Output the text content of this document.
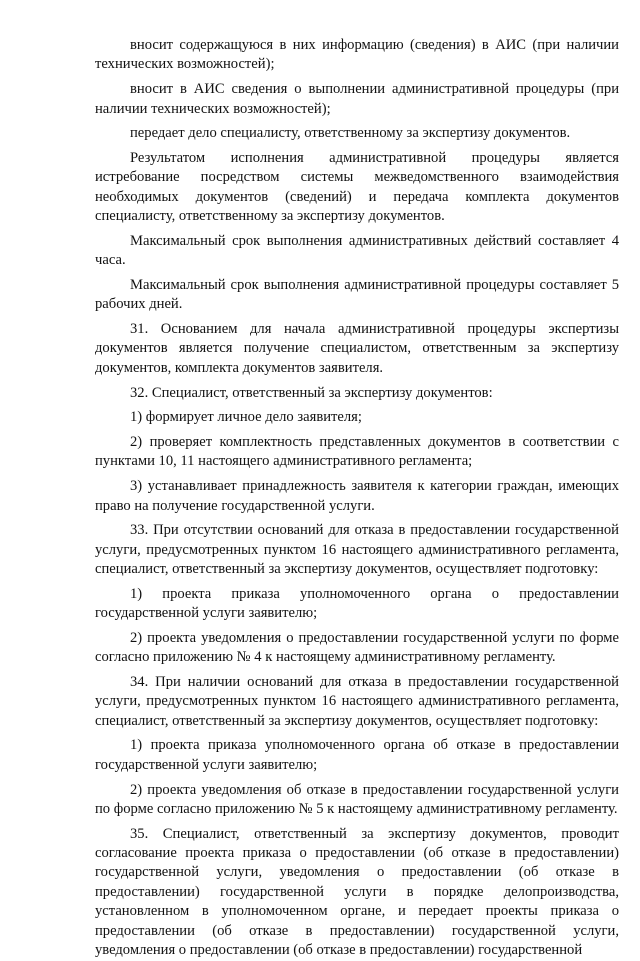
вносит содержащуюся в них информацию (сведения) в АИС (при наличии технических возможностей);

вносит в АИС сведения о выполнении административной процедуры (при наличии технических возможностей);

передает дело специалисту, ответственному за экспертизу документов.

Результатом исполнения административной процедуры является истребование посредством системы межведомственного взаимодействия необходимых документов (сведений) и передача комплекта документов специалисту, ответственному за экспертизу документов.

Максимальный срок выполнения административных действий составляет 4 часа.

Максимальный срок выполнения административной процедуры составляет 5 рабочих дней.

31. Основанием для начала административной процедуры экспертизы документов является получение специалистом, ответственным за экспертизу документов, комплекта документов заявителя.

32. Специалист, ответственный за экспертизу документов:

1) формирует личное дело заявителя;

2) проверяет комплектность представленных документов в соответствии с пунктами 10, 11 настоящего административного регламента;

3) устанавливает принадлежность заявителя к категории граждан, имеющих право на получение государственной услуги.

33. При отсутствии оснований для отказа в предоставлении государственной услуги, предусмотренных пунктом 16 настоящего административного регламента, специалист, ответственный за экспертизу документов, осуществляет подготовку:

1) проекта приказа уполномоченного органа о предоставлении государственной услуги заявителю;

2) проекта уведомления о предоставлении государственной услуги по форме согласно приложению № 4 к настоящему административному регламенту.

34. При наличии оснований для отказа в предоставлении государственной услуги, предусмотренных пунктом 16 настоящего административного регламента, специалист, ответственный за экспертизу документов, осуществляет подготовку:

1) проекта приказа уполномоченного органа об отказе в предоставлении государственной услуги заявителю;

2) проекта уведомления об отказе в предоставлении государственной услуги по форме согласно приложению № 5 к настоящему административному регламенту.

35. Специалист, ответственный за экспертизу документов, проводит согласование проекта приказа о предоставлении (об отказе в предоставлении) государственной услуги, уведомления о предоставлении (об отказе в предоставлении) государственной услуги в порядке делопроизводства, установленном в уполномоченном органе, и передает проекты приказа о предоставлении (об отказе в предоставлении) государственной услуги, уведомления о предоставлении (об отказе в предоставлении) государственной
